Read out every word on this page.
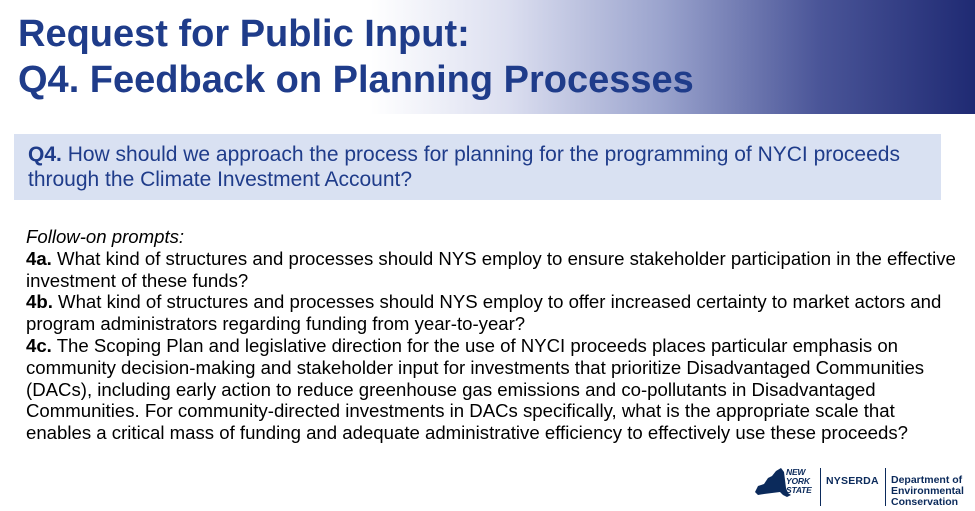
Request for Public Input:
Q4. Feedback on Planning Processes
Q4. How should we approach the process for planning for the programming of NYCI proceeds through the Climate Investment Account?

Follow-on prompts:

4a. What kind of structures and processes should NYS employ to ensure stakeholder participation in the effective investment of these funds?

4b. What kind of structures and processes should NYS employ to offer increased certainty to market actors and program administrators regarding funding from year-to-year?

4c. The Scoping Plan and legislative direction for the use of NYCI proceeds places particular emphasis on community decision-making and stakeholder input for investments that prioritize Disadvantaged Communities (DACs), including early action to reduce greenhouse gas emissions and co-pollutants in Disadvantaged Communities. For community-directed investments in DACs specifically, what is the appropriate scale that enables a critical mass of funding and adequate administrative efficiency to effectively use these proceeds?

NEW
YORK
STATE
NYSERDA Department of
Environmental
Conservation
